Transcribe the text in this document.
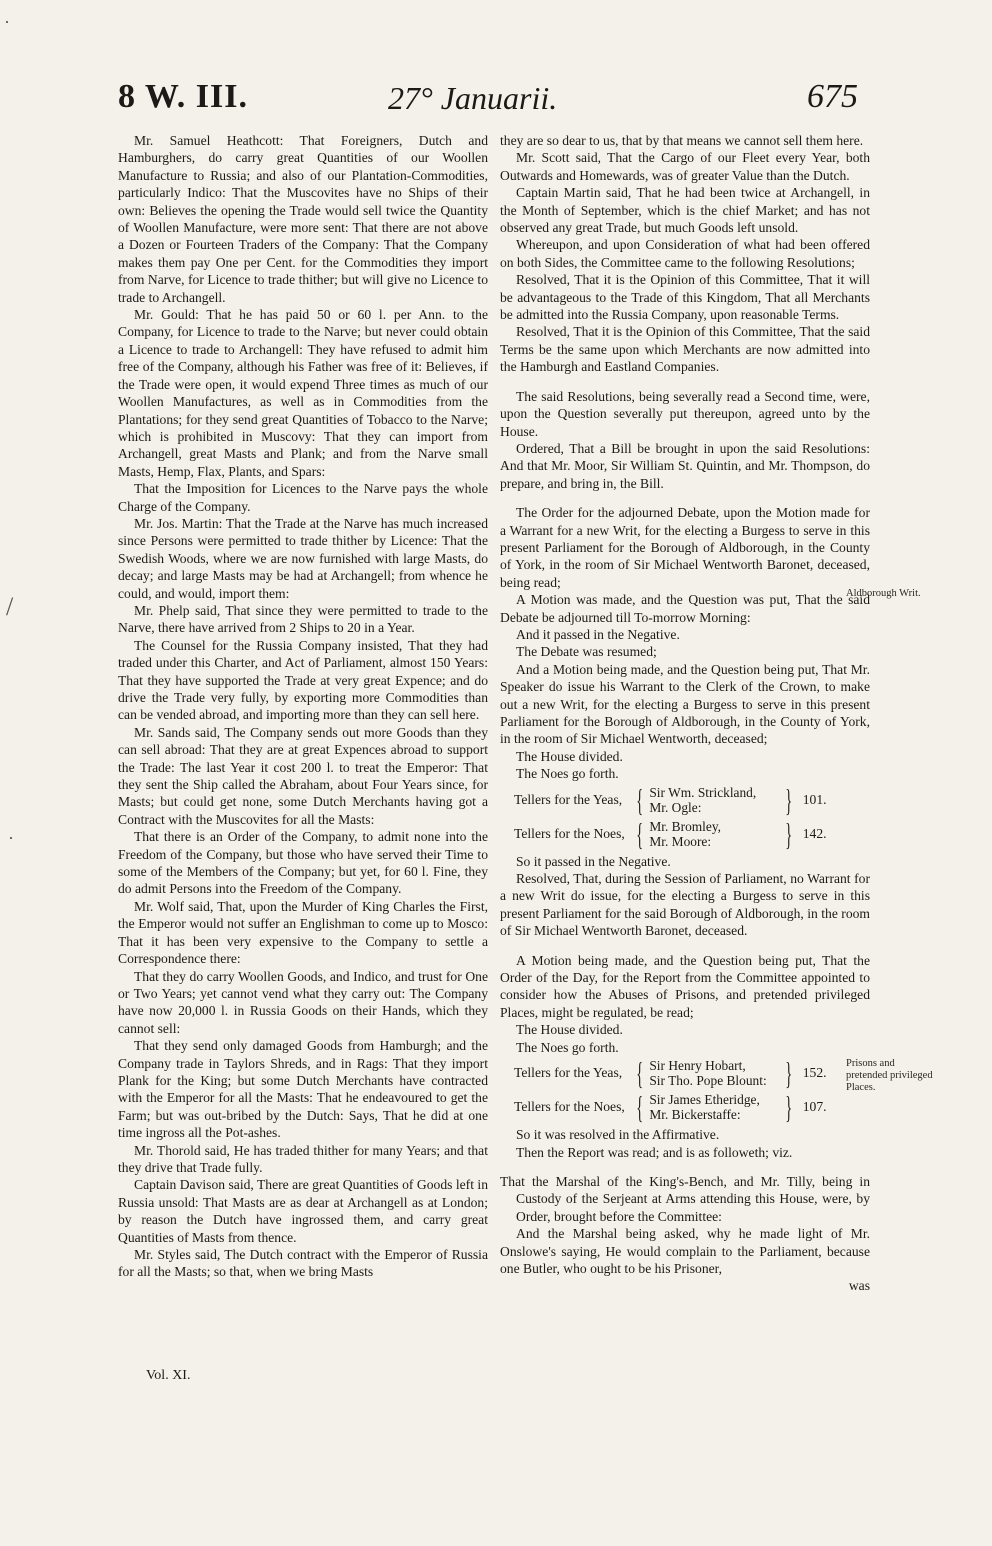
8 W. III.	27° Januarii.	675

Mr. Samuel Heathcott: That Foreigners, Dutch and Hamburghers, do carry great Quantities of our Woollen Manufacture to Russia; and also of our Plantation-Commodities, particularly Indico: That the Muscovites have no Ships of their own: Believes the opening the Trade would sell twice the Quantity of Woollen Manufacture, were more sent: That there are not above a Dozen or Fourteen Traders of the Company: That the Company makes them pay One per Cent. for the Commodities they import from Narve, for Licence to trade thither; but will give no Licence to trade to Archangell.

Mr. Gould: That he has paid 50 or 60 l. per Ann. to the Company, for Licence to trade to the Narve; but never could obtain a Licence to trade to Archangell: They have refused to admit him free of the Company, although his Father was free of it: Believes, if the Trade were open, it would expend Three times as much of our Woollen Manufactures, as well as in Commodities from the Plantations; for they send great Quantities of Tobacco to the Narve; which is prohibited in Muscovy: That they can import from Archangell, great Masts and Plank; and from the Narve small Masts, Hemp, Flax, Plants, and Spars:

That the Imposition for Licences to the Narve pays the whole Charge of the Company.

Mr. Jos. Martin: That the Trade at the Narve has much increased since Persons were permitted to trade thither by Licence: That the Swedish Woods, where we are now furnished with large Masts, do decay; and large Masts may be had at Archangell; from whence he could, and would, import them:

Mr. Phelp said, That since they were permitted to trade to the Narve, there have arrived from 2 Ships to 20 in a Year.

The Counsel for the Russia Company insisted, That they had traded under this Charter, and Act of Parliament, almost 150 Years: That they have supported the Trade at very great Expence; and do drive the Trade very fully, by exporting more Commodities than can be vended abroad, and importing more than they can sell here.

Mr. Sands said, The Company sends out more Goods than they can sell abroad: That they are at great Expences abroad to support the Trade: The last Year it cost 200 l. to treat the Emperor: That they sent the Ship called the Abraham, about Four Years since, for Masts; but could get none, some Dutch Merchants having got a Contract with the Muscovites for all the Masts:

That there is an Order of the Company, to admit none into the Freedom of the Company, but those who have served their Time to some of the Members of the Company; but yet, for 60 l. Fine, they do admit Persons into the Freedom of the Company.

Mr. Wolf said, That, upon the Murder of King Charles the First, the Emperor would not suffer an Englishman to come up to Mosco: That it has been very expensive to the Company to settle a Correspondence there:

That they do carry Woollen Goods, and Indico, and trust for One or Two Years; yet cannot vend what they carry out: The Company have now 20,000 l. in Russia Goods on their Hands, which they cannot sell:

That they send only damaged Goods from Hamburgh; and the Company trade in Taylors Shreds, and in Rags: That they import Plank for the King; but some Dutch Merchants have contracted with the Emperor for all the Masts: That he endeavoured to get the Farm; but was out-bribed by the Dutch: Says, That he did at one time ingross all the Pot-ashes.

Mr. Thorold said, He has traded thither for many Years; and that they drive that Trade fully.

Captain Davison said, There are great Quantities of Goods left in Russia unsold: That Masts are as dear at Archangell as at London; by reason the Dutch have ingrossed them, and carry great Quantities of Masts from thence.

Mr. Styles said, The Dutch contract with the Emperor of Russia for all the Masts; so that, when we bring Masts

they are so dear to us, that by that means we cannot sell them here.

Mr. Scott said, That the Cargo of our Fleet every Year, both Outwards and Homewards, was of greater Value than the Dutch.

Captain Martin said, That he had been twice at Archangell, in the Month of September, which is the chief Market; and has not observed any great Trade, but much Goods left unsold.

Whereupon, and upon Consideration of what had been offered on both Sides, the Committee came to the following Resolutions;

Resolved, That it is the Opinion of this Committee, That it will be advantageous to the Trade of this Kingdom, That all Merchants be admitted into the Russia Company, upon reasonable Terms.

Resolved, That it is the Opinion of this Committee, That the said Terms be the same upon which Merchants are now admitted into the Hamburgh and Eastland Companies.

The said Resolutions, being severally read a Second time, were, upon the Question severally put thereupon, agreed unto by the House.

Ordered, That a Bill be brought in upon the said Resolutions: And that Mr. Moor, Sir William St. Quintin, and Mr. Thompson, do prepare, and bring in, the Bill.

The Order for the adjourned Debate, upon the Motion made for a Warrant for a new Writ, for the electing a Burgess to serve in this present Parliament for the Borough of Aldborough, in the County of York, in the room of Sir Michael Wentworth Baronet, deceased, being read;

A Motion was made, and the Question was put, That the said Debate be adjourned till To-morrow Morning:

And it passed in the Negative.

The Debate was resumed;

And a Motion being made, and the Question being put, That Mr. Speaker do issue his Warrant to the Clerk of the Crown, to make out a new Writ, for the electing a Burgess to serve in this present Parliament for the Borough of Aldborough, in the County of York, in the room of Sir Michael Wentworth, deceased;

The House divided.

The Noes go forth.

Tellers for the Yeas, { Sir Wm. Strickland,
Mr. Ogle:	} 101.
Tellers for the Noes, { Mr. Bromley,
Mr. Moore:	} 142.

So it passed in the Negative.

Resolved, That, during the Session of Parliament, no Warrant for a new Writ do issue, for the electing a Burgess to serve in this present Parliament for the said Borough of Aldborough, in the room of Sir Michael Wentworth Baronet, deceased.

A Motion being made, and the Question being put, That the Order of the Day, for the Report from the Committee appointed to consider how the Abuses of Prisons, and pretended privileged Places, might be regulated, be read;

The House divided.

The Noes go forth.

Tellers for the Yeas, { Sir Henry Hobart,
Sir Tho. Pope Blount: } 152.
Tellers for the Noes, { Sir James Etheridge,
Mr. Bickerstaffe:	} 107.

So it was resolved in the Affirmative.

Then the Report was read; and is as followeth; viz.

That the Marshal of the King's-Bench, and Mr. Tilly, being in Custody of the Serjeant at Arms attending this House, were, by Order, brought before the Committee:

And the Marshal being asked, why he made light of Mr. Onslowe's saying, He would complain to the Parliament, because one Butler, who ought to be his Prisoner,

was

Aldborough Writ.
Prisons and pretended privileged Places.
Vol. XI.
·
/
·
